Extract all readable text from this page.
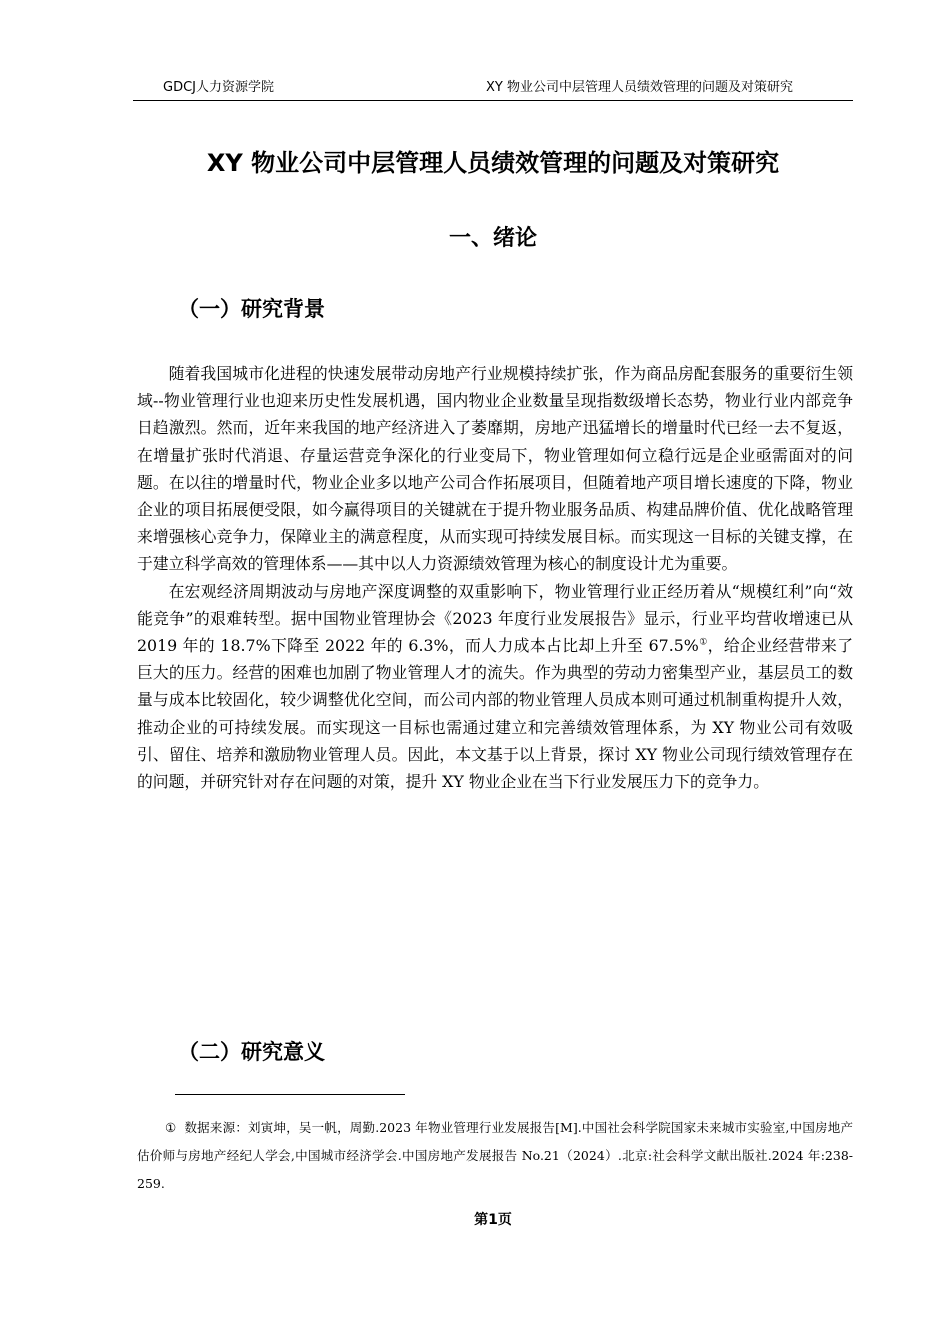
GDCJ人力资源学院	XY 物业公司中层管理人员绩效管理的问题及对策研究
XY 物业公司中层管理人员绩效管理的问题及对策研究
一、绪论
（一）研究背景

随着我国城市化进程的快速发展带动房地产行业规模持续扩张，作为商品房配套服务的重要衍生领域--物业管理行业也迎来历史性发展机遇，国内物业企业数量呈现指数级增长态势，物业行业内部竞争日趋激烈。然而，近年来我国的地产经济进入了萎靡期，房地产迅猛增长的增量时代已经一去不复返，在增量扩张时代消退、存量运营竞争深化的行业变局下，物业管理如何立稳行远是企业亟需面对的问题。在以往的增量时代，物业企业多以地产公司合作拓展项目，但随着地产项目增长速度的下降，物业企业的项目拓展便受限，如今赢得项目的关键就在于提升物业服务品质、构建品牌价值、优化战略管理来增强核心竞争力，保障业主的满意程度，从而实现可持续发展目标。而实现这一目标的关键支撑，在于建立科学高效的管理体系——其中以人力资源绩效管理为核心的制度设计尤为重要。

在宏观经济周期波动与房地产深度调整的双重影响下，物业管理行业正经历着从“规模红利”向“效能竞争”的艰难转型。据中国物业管理协会《2023 年度行业发展报告》显示，行业平均营收增速已从 2019 年的 18.7%下降至 2022 年的 6.3%，而人力成本占比却上升至 67.5%①，给企业经营带来了巨大的压力。经营的困难也加剧了物业管理人才的流失。作为典型的劳动力密集型产业，基层员工的数量与成本比较固化，较少调整优化空间，而公司内部的物业管理人员成本则可通过机制重构提升人效，推动企业的可持续发展。而实现这一目标也需通过建立和完善绩效管理体系，为 XY 物业公司有效吸引、留住、培养和激励物业管理人员。因此，本文基于以上背景，探讨 XY 物业公司现行绩效管理存在的问题，并研究针对存在问题的对策，提升 XY 物业企业在当下行业发展压力下的竞争力。

（二）研究意义
① 数据来源：刘寅坤，吴一帆，周勤.2023 年物业管理行业发展报告[M].中国社会科学院国家未来城市实验室,中国房地产估价师与房地产经纪人学会,中国城市经济学会.中国房地产发展报告 No.21（2024）.北京:社会科学文献出版社.2024 年:238-259.
第1页
